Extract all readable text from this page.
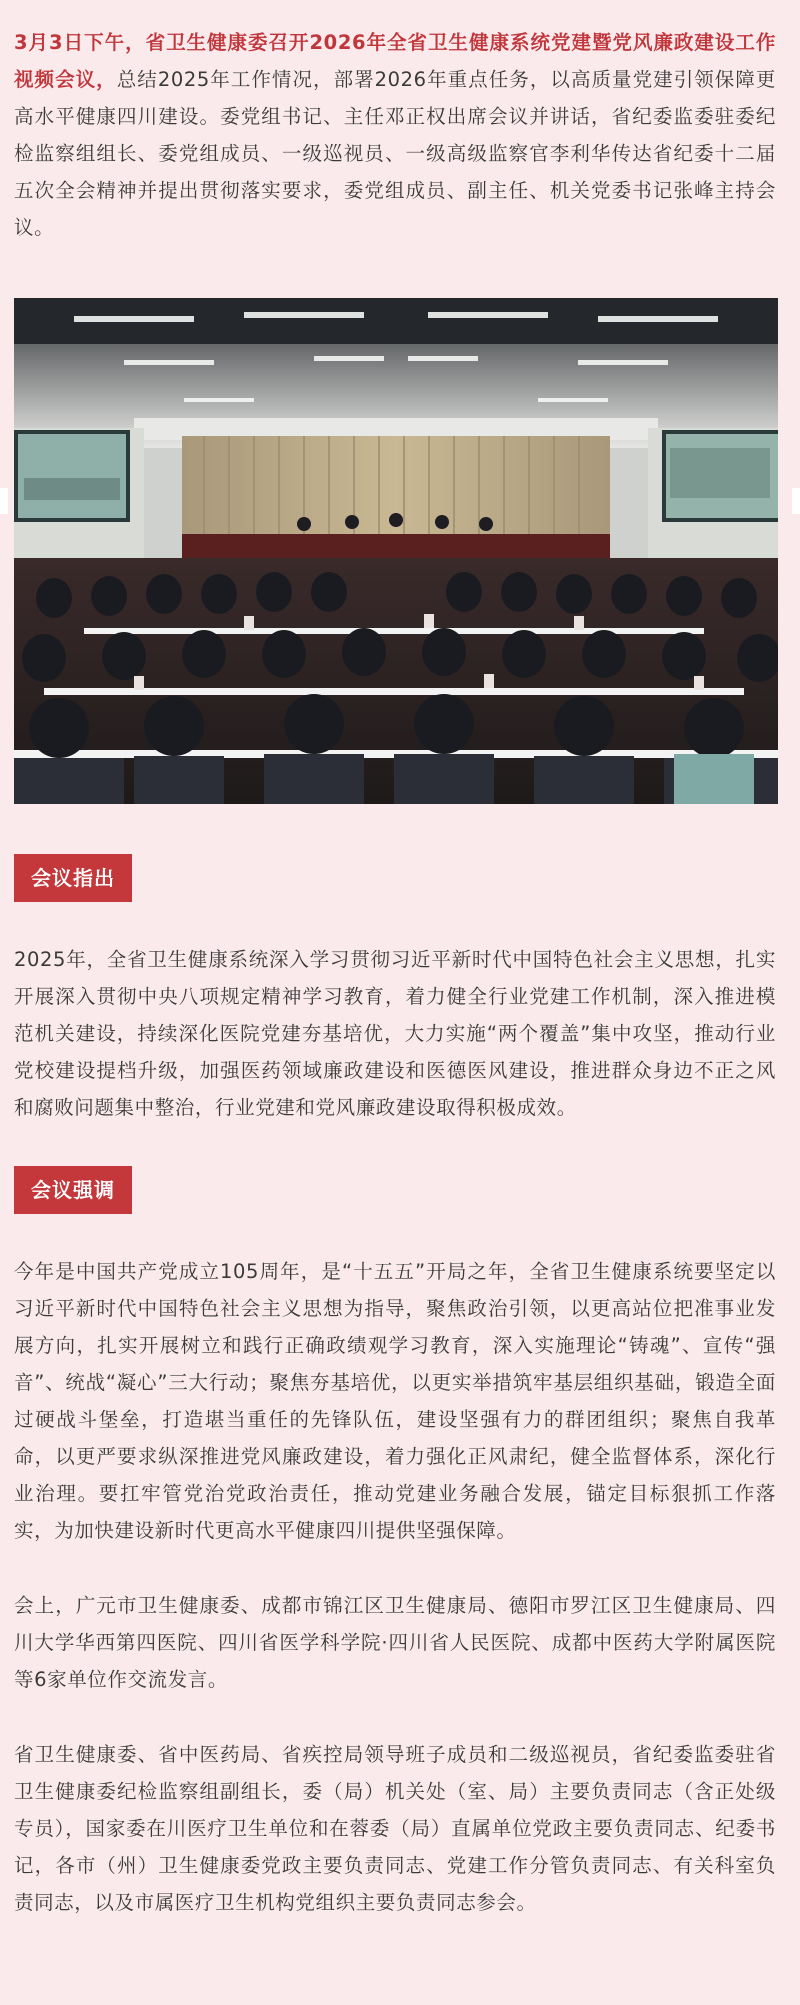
3月3日下午，省卫生健康委召开2026年全省卫生健康系统党建暨党风廉政建设工作视频会议，总结2025年工作情况，部署2026年重点任务，以高质量党建引领保障更高水平健康四川建设。委党组书记、主任邓正权出席会议并讲话，省纪委监委驻委纪检监察组组长、委党组成员、一级巡视员、一级高级监察官李利华传达省纪委十二届五次全会精神并提出贯彻落实要求，委党组成员、副主任、机关党委书记张峰主持会议。

会议指出

2025年，全省卫生健康系统深入学习贯彻习近平新时代中国特色社会主义思想，扎实开展深入贯彻中央八项规定精神学习教育，着力健全行业党建工作机制，深入推进模范机关建设，持续深化医院党建夯基培优，大力实施“两个覆盖”集中攻坚，推动行业党校建设提档升级，加强医药领域廉政建设和医德医风建设，推进群众身边不正之风和腐败问题集中整治，行业党建和党风廉政建设取得积极成效。

会议强调

今年是中国共产党成立105周年，是“十五五”开局之年，全省卫生健康系统要坚定以习近平新时代中国特色社会主义思想为指导，聚焦政治引领，以更高站位把准事业发展方向，扎实开展树立和践行正确政绩观学习教育，深入实施理论“铸魂”、宣传“强音”、统战“凝心”三大行动；聚焦夯基培优，以更实举措筑牢基层组织基础，锻造全面过硬战斗堡垒，打造堪当重任的先锋队伍，建设坚强有力的群团组织；聚焦自我革命，以更严要求纵深推进党风廉政建设，着力强化正风肃纪，健全监督体系，深化行业治理。要扛牢管党治党政治责任，推动党建业务融合发展，锚定目标狠抓工作落实，为加快建设新时代更高水平健康四川提供坚强保障。

会上，广元市卫生健康委、成都市锦江区卫生健康局、德阳市罗江区卫生健康局、四川大学华西第四医院、四川省医学科学院·四川省人民医院、成都中医药大学附属医院等6家单位作交流发言。

省卫生健康委、省中医药局、省疾控局领导班子成员和二级巡视员，省纪委监委驻省卫生健康委纪检监察组副组长，委（局）机关处（室、局）主要负责同志（含正处级专员），国家委在川医疗卫生单位和在蓉委（局）直属单位党政主要负责同志、纪委书记，各市（州）卫生健康委党政主要负责同志、党建工作分管负责同志、有关科室负责同志，以及市属医疗卫生机构党组织主要负责同志参会。
